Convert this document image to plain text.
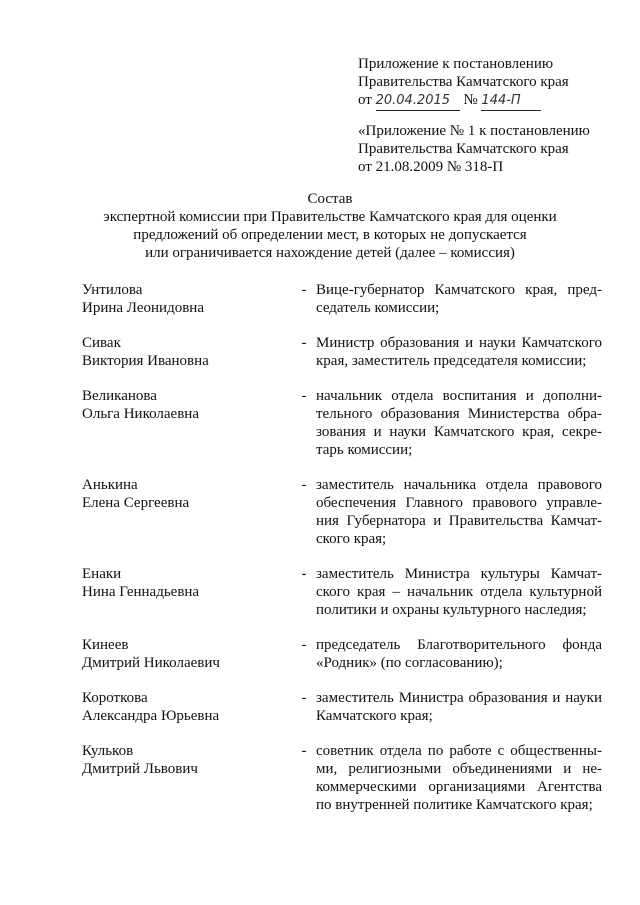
Приложение к постановлению
Правительства Камчатского края
от 20.04.2015 № 144-П
«Приложение № 1 к постановлению
Правительства Камчатского края
от 21.08.2009 № 318-П
Состав
экспертной комиссии при Правительстве Камчатского края для оценки
предложений об определении мест, в которых не допускается
или ограничивается нахождение детей (далее – комиссия)
Унтилова
Ирина Леонидовна
- Вице-губернатор Камчатского края, пред-
седатель комиссии;
Сивак
Виктория Ивановна
- Министр образования и науки Камчатского
края, заместитель председателя комиссии;
Великанова
Ольга Николаевна
- начальник отдела воспитания и дополни-
тельного образования Министерства обра-
зования и науки Камчатского края, секре-
тарь комиссии;
Анькина
Елена Сергеевна
- заместитель начальника отдела правового
обеспечения Главного правового управле-
ния Губернатора и Правительства Камчат-
ского края;
Енаки
Нина Геннадьевна
- заместитель Министра культуры Камчат-
ского края – начальник отдела культурной
политики и охраны культурного наследия;
Кинеев
Дмитрий Николаевич
- председатель Благотворительного фонда
«Родник» (по согласованию);
Короткова
Александра Юрьевна
- заместитель Министра образования и науки
Камчатского края;
Кульков
Дмитрий Львович
- советник отдела по работе с общественны-
ми, религиозными объединениями и не-
коммерческими организациями Агентства
по внутренней политике Камчатского края;
